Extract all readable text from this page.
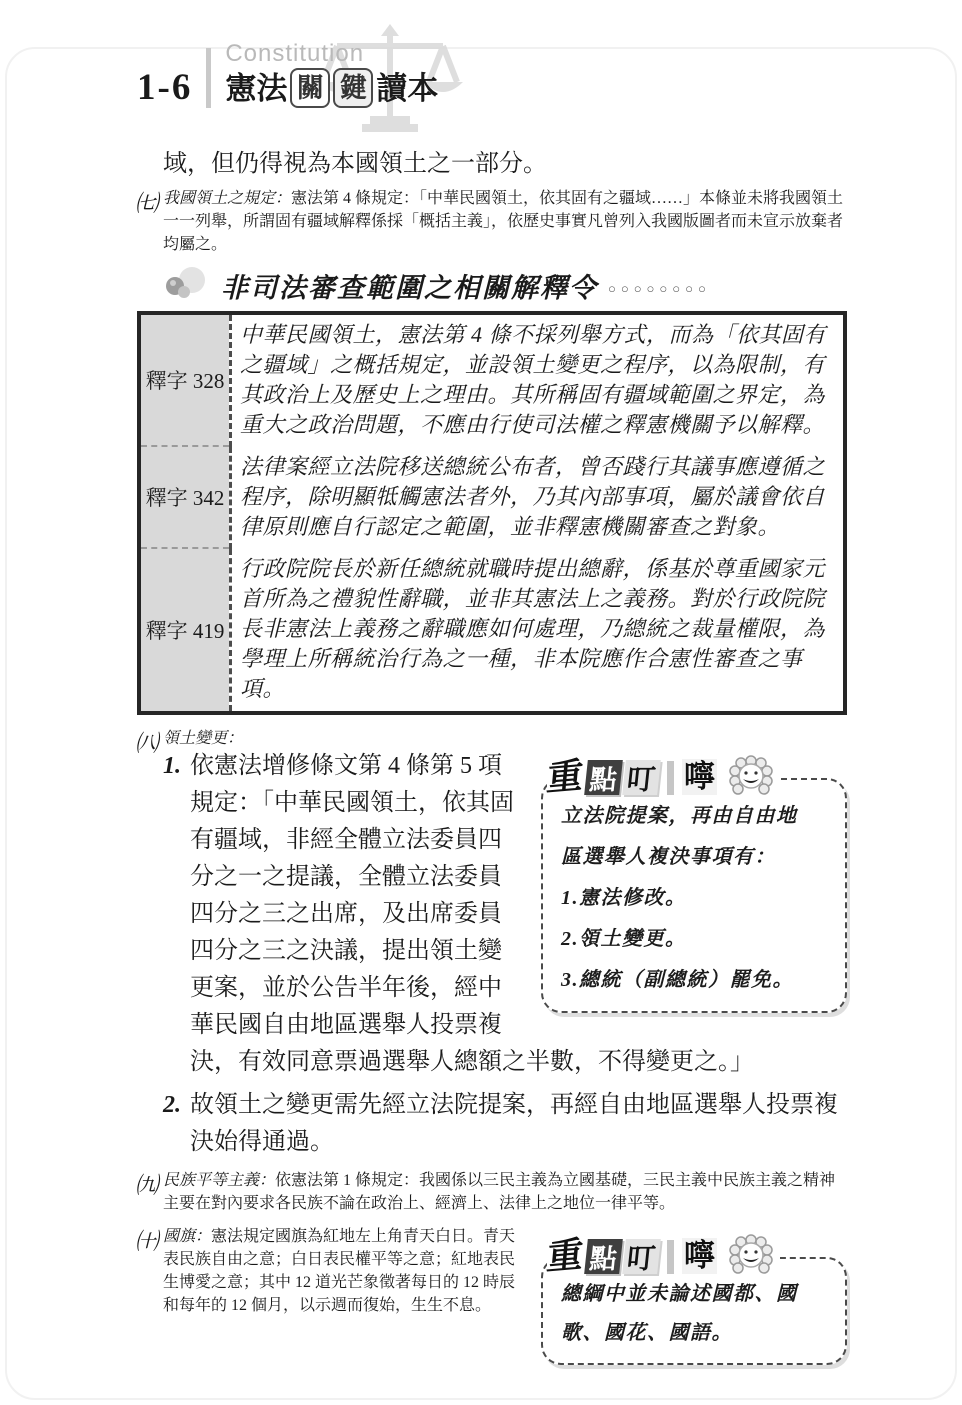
1-6
Constitution
憲法 關 鍵 讀本

域，但仍得視為本國領土之一部分。

㈦ 我國領土之規定：憲法第 4 條規定：「中華民國領土，依其固有之疆域……」本條並未將我國領土一一列舉，所謂固有疆域解釋係採「概括主義」，依歷史事實凡曾列入我國版圖者而未宣示放棄者均屬之。
非司法審查範圍之相關解釋令 ○○○○○○○○
釋字 328
中華民國領土，憲法第 4 條不採列舉方式，而為「依其固有之疆域」之概括規定，並設領土變更之程序，以為限制，有其政治上及歷史上之理由。其所稱固有疆域範圍之界定，為重大之政治問題，不應由行使司法權之釋憲機關予以解釋。
釋字 342
法律案經立法院移送總統公布者，曾否踐行其議事應遵循之程序，除明顯牴觸憲法者外，乃其內部事項，屬於議會依自律原則應自行認定之範圍，並非釋憲機關審查之對象。
釋字 419
行政院院長於新任總統就職時提出總辭，係基於尊重國家元首所為之禮貌性辭職，並非其憲法上之義務。對於行政院院長非憲法上義務之辭職應如何處理，乃總統之裁量權限，為學理上所稱統治行為之一種，非本院應作合憲性審查之事項。
㈧ 領土變更：
重 點 叮 嚀
立法院提案，再由自由地
區選舉人複決事項有：
1.憲法修改。
2.領土變更。
3.總統（副總統）罷免。

1. 依憲法增修條文第 4 條第 5 項規定：「中華民國領土，依其固有疆域，非經全體立法委員四分之一之提議，全體立法委員四分之三之出席，及出席委員四分之三之決議，提出領土變更案，並於公告半年後，經中華民國自由地區選舉人投票複決，有效同意票過選舉人總額之半數，不得變更之。」

2. 故領土之變更需先經立法院提案，再經自由地區選舉人投票複決始得通過。

㈨ 民族平等主義：依憲法第 1 條規定：我國係以三民主義為立國基礎，三民主義中民族主義之精神主要在對內要求各民族不論在政治上、經濟上、法律上之地位一律平等。
重 點 叮 嚀
總綱中並未論述國都、國
歌、國花、國語。
㈩ 國旗：憲法規定國旗為紅地左上角青天白日。青天表民族自由之意；白日表民權平等之意；紅地表民生博愛之意；其中 12 道光芒象徵著每日的 12 時辰和每年的 12 個月，以示週而復始，生生不息。
